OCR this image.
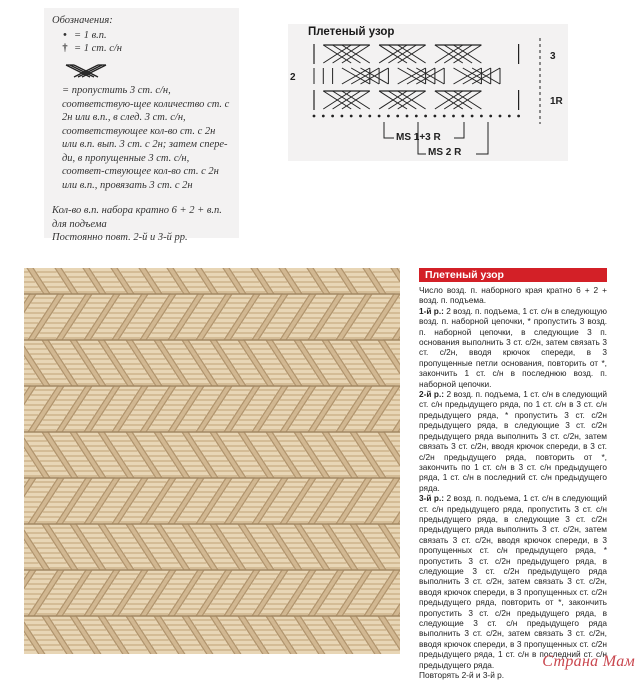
Обозначения:
• = 1 в.п.
† = 1 ст. с/н
= пропустить 3 ст. с/н, соответствую-щее количество ст. с 2н или в.п., в след. 3 ст. с/н, соответствующее кол-во ст. с 2н или в.п. вып. 3 ст. с 2н; затем спере-ди, в пропущенные 3 ст. с/н, соответ-ствующее кол-во ст. с 2н или в.п., провязать 3 ст. с 2н
Кол-во в.п. набора кратно 6 + 2 + в.п. для подъема
Постоянно повт. 2-й и 3-й рр.
Плетеный узор
3
2
1R
MS 1+3 R
MS 2 R
Плетеный узор

Число возд. п. наборного края кратно 6 + 2 + возд. п. подъема.

1-й р.: 2 возд. п. подъема, 1 ст. с/н в следующую возд. п. наборной цепочки, * пропустить 3 возд. п. наборной цепочки, в следующие 3 п. основания выполнить 3 ст. с/2н, затем связать 3 ст. с/2н, вводя крючок спереди, в 3 пропущенные петли основания, повторить от *, закончить 1 ст. с/н в последнюю возд. п. наборной цепочки.

2-й р.: 2 возд. п. подъема, 1 ст. с/н в следующий ст. с/н предыдущего ряда, по 1 ст. с/н в 3 ст. с/н предыдущего ряда, * пропустить 3 ст. с/2н предыдущего ряда, в следующие 3 ст. с/2н предыдущего ряда выполнить 3 ст. с/2н, затем связать 3 ст. с/2н, вводя крючок спереди, в 3 ст. с/2н предыдущего ряда, повторить от *, закончить по 1 ст. с/н в 3 ст. с/н предыдущего ряда, 1 ст. с/н в последний ст. с/н предыдущего ряда.

3-й р.: 2 возд. п. подъема, 1 ст. с/н в следующий ст. с/н предыдущего ряда, пропустить 3 ст. с/н предыдущего ряда, в следующие 3 ст. с/2н предыдущего ряда выполнить 3 ст. с/2н, затем связать 3 ст. с/2н, вводя крючок спереди, в 3 пропущенных ст. с/н предыдущего ряда, * пропустить 3 ст. с/2н предыдущего ряда, в следующие 3 ст. с/2н предыдущего ряда выполнить 3 ст. с/2н, затем связать 3 ст. с/2н, вводя крючок спереди, в 3 пропущенных ст. с/2н предыдущего ряда, повторить от *, закончить пропустить 3 ст. с/2н предыдущего ряда, в следующие 3 ст. с/н предыдущего ряда выполнить 3 ст. с/2н, затем связать 3 ст. с/2н, вводя крючок спереди, в 3 пропущенных ст. с/2н предыдущего ряда, 1 ст. с/н в последний ст. с/н предыдущего ряда.

Повторять 2-й и 3-й р.

Страна Мам
